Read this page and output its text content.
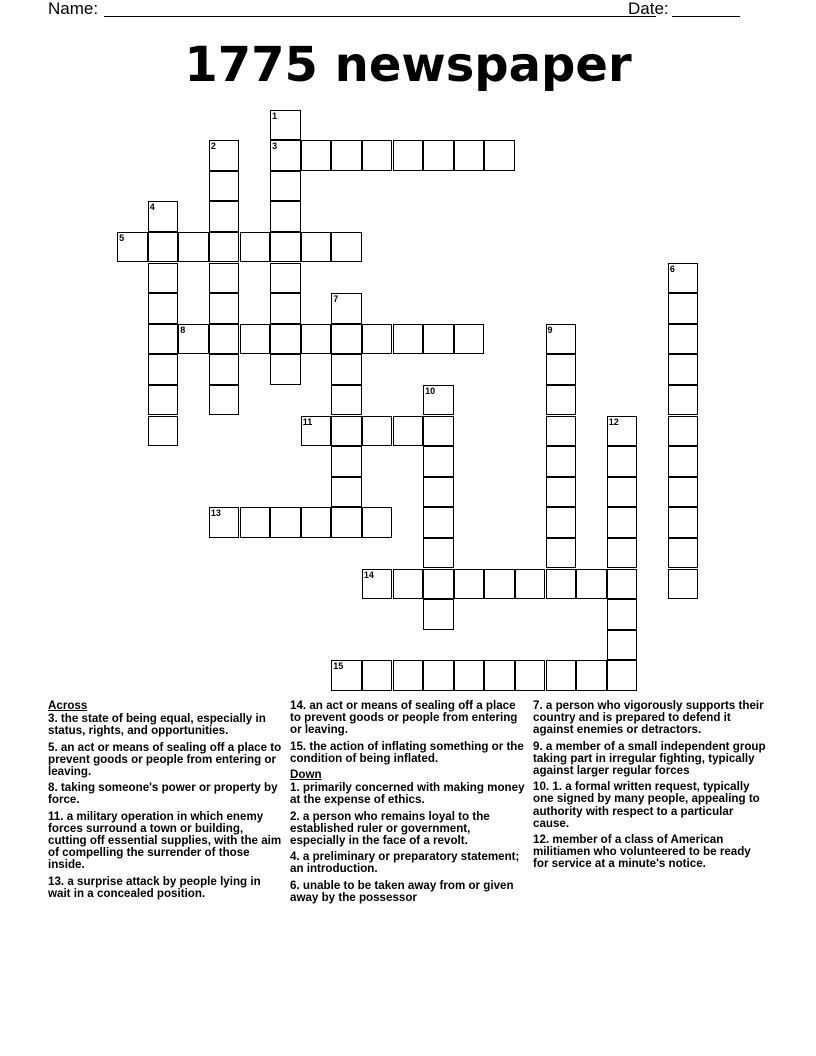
Name:	Date:
1775 newspaper
1
2	3
4
5
6
7
8	9
10
11	12
13
14
15
Across
3. the state of being equal, especially in status, rights, and opportunities.
5. an act or means of sealing off a place to prevent goods or people from entering or leaving.
8. taking someone's power or property by force.
11. a military operation in which enemy forces surround a town or building, cutting off essential supplies, with the aim of compelling the surrender of those inside.
13. a surprise attack by people lying in wait in a concealed position.
14. an act or means of sealing off a place to prevent goods or people from entering or leaving.
15. the action of inflating something or the condition of being inflated.
Down
1. primarily concerned with making money at the expense of ethics.
2. a person who remains loyal to the established ruler or government, especially in the face of a revolt.
4. a preliminary or preparatory statement; an introduction.
6. unable to be taken away from or given away by the possessor
7. a person who vigorously supports their country and is prepared to defend it against enemies or detractors.
9. a member of a small independent group taking part in irregular fighting, typically against larger regular forces
10. 1. a formal written request, typically one signed by many people, appealing to authority with respect to a particular cause.
12. member of a class of American militiamen who volunteered to be ready for service at a minute's notice.
